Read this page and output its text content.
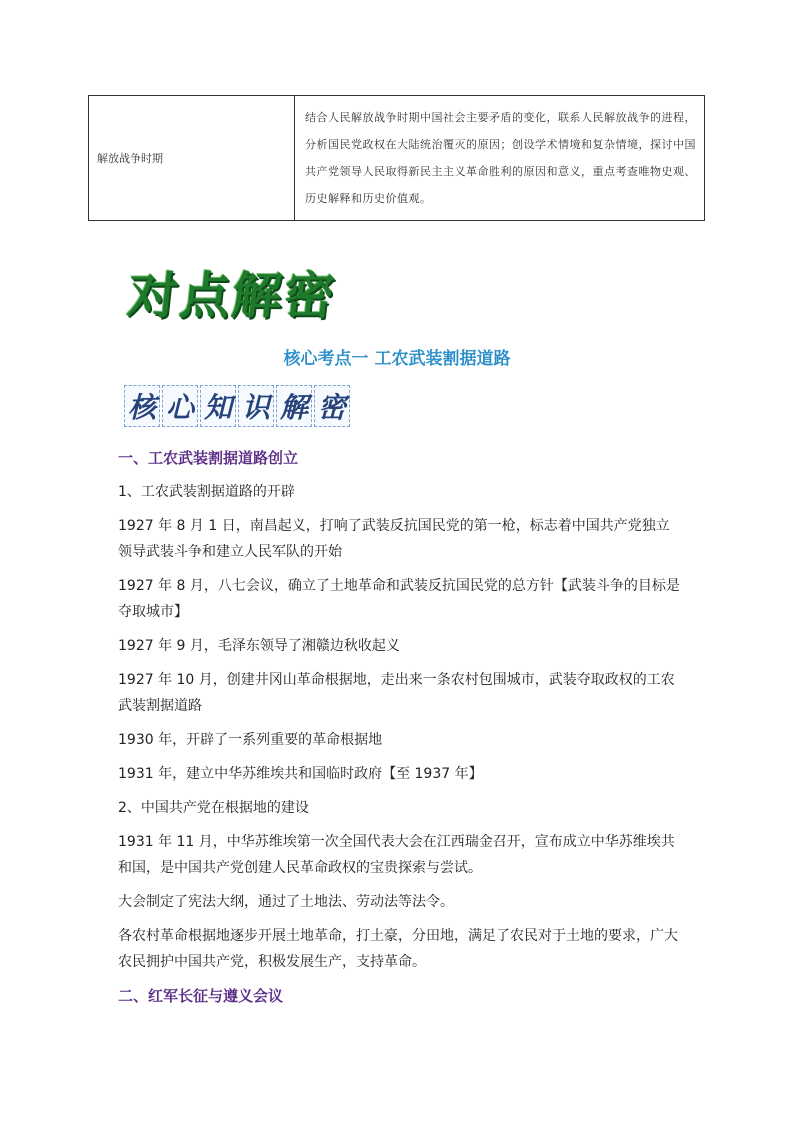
解放战争时期	结合人民解放战争时期中国社会主要矛盾的变化，联系人民解放战争的进程，分析国民党政权在大陆统治覆灭的原因；创设学术情境和复杂情境，探讨中国共产党领导人民取得新民主主义革命胜利的原因和意义，重点考查唯物史观、历史解释和历史价值观。
对点解密
核心考点一 工农武装割据道路
核 心 知 识 解 密
一、工农武装割据道路创立
1、工农武装割据道路的开辟
1927 年 8 月 1 日，南昌起义，打响了武装反抗国民党的第一枪，标志着中国共产党独立领导武装斗争和建立人民军队的开始
1927 年 8 月，八七会议，确立了土地革命和武装反抗国民党的总方针【武装斗争的目标是夺取城市】
1927 年 9 月，毛泽东领导了湘赣边秋收起义
1927 年 10 月，创建井冈山革命根据地，走出来一条农村包围城市，武装夺取政权的工农武装割据道路
1930 年，开辟了一系列重要的革命根据地
1931 年，建立中华苏维埃共和国临时政府【至 1937 年】
2、中国共产党在根据地的建设
1931 年 11 月，中华苏维埃第一次全国代表大会在江西瑞金召开，宣布成立中华苏维埃共和国，是中国共产党创建人民革命政权的宝贵探索与尝试。
大会制定了宪法大纲，通过了土地法、劳动法等法令。
各农村革命根据地逐步开展土地革命，打土豪，分田地，满足了农民对于土地的要求，广大农民拥护中国共产党，积极发展生产，支持革命。
二、红军长征与遵义会议
